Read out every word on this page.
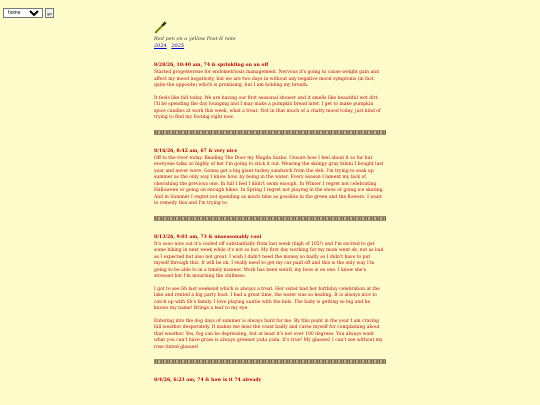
home
go
Red pen on a yellow Post-It note
2024 2025
8/28/26, 10:40 am, 74 & sprinkling on an off

Started progesterone for endometriosis management. Nervous it's going to cause weight gain and affect my mood negatively, but we are two days in without any negative mood symptoms (in fact, quite the opposite) which is promising, but I am holding my breath.

It feels like fall today. We are having our first seasonal shower and it smells like beautiful wet dirt. I'll be spending the day lounging and I may make a pumpkin bread later. I get to make pumpkin spice candles at work this week, what a treat. Not in that much of a chatty mood today, just kind of trying to find my footing right now.

8/16/26, 8:42 am, 67 & very nice

Off to the river today. Reading The Door my Magda Szabo. Unsure how I feel about it so far but everyone talks so highly of her I'm going to stick it out. Wearing the skimpy gray bikini I bought last year and never wore. Gonna get a big giant turkey sandwich from the deli. I'm trying to soak up summer as the only way I know how, by being in the water. Every season I lament my lack of cherishing the previous one. In full I feel I didn't swim enough. In Winter I regret not celebrating Halloween or going on enough hikes. In Spring I regret not playing in the snow or going ice skating. And in Summer I regret not spending as much time as possible in the green and the flowers. I want to remedy this and I'm trying to.

8/13/26, 9:01 am, 73 & unseasonably cool

It's sooo nice out it's cooled off substantially from last week (high of 105!) and I'm excited to get some hiking in next week while it's not so hot. My first day working for my mom went ok, not as bad as I expected but also not great. I wish I didn't need the money so badly so I didn't have to put myself through this. It will be ok. I really need to get my car paid off and this is the only way I'm going to be able to in a timely manner. Work has been weird, my boss is on one. I know she's stressed but I'm mourning the chillness.

I got to see Sh last weekend which is always a treat. Her sister had her birthday celebration at the lake and rented a big party boat. I had a great time, the water was so healing. It is always nice to catch up with Sh's family. I love playing auntie with the kids. The baby is getting so big and he knows my name! Brings a tear to my eye.

Entering into the dog days of summer is always hard for me. By this point in the year I am craving fall weather desperately. It makes me miss the coast badly and curse myself for complaining about that weather. Yes, fog can be depressing, but at least it's not over 100 degrees. You always want what you can't have grass is always greener yada yada. It's true! My glasses! I can't see without my rose tinted glasses!

8/4/26, 6:23 am, 74 & how is it 74 already
